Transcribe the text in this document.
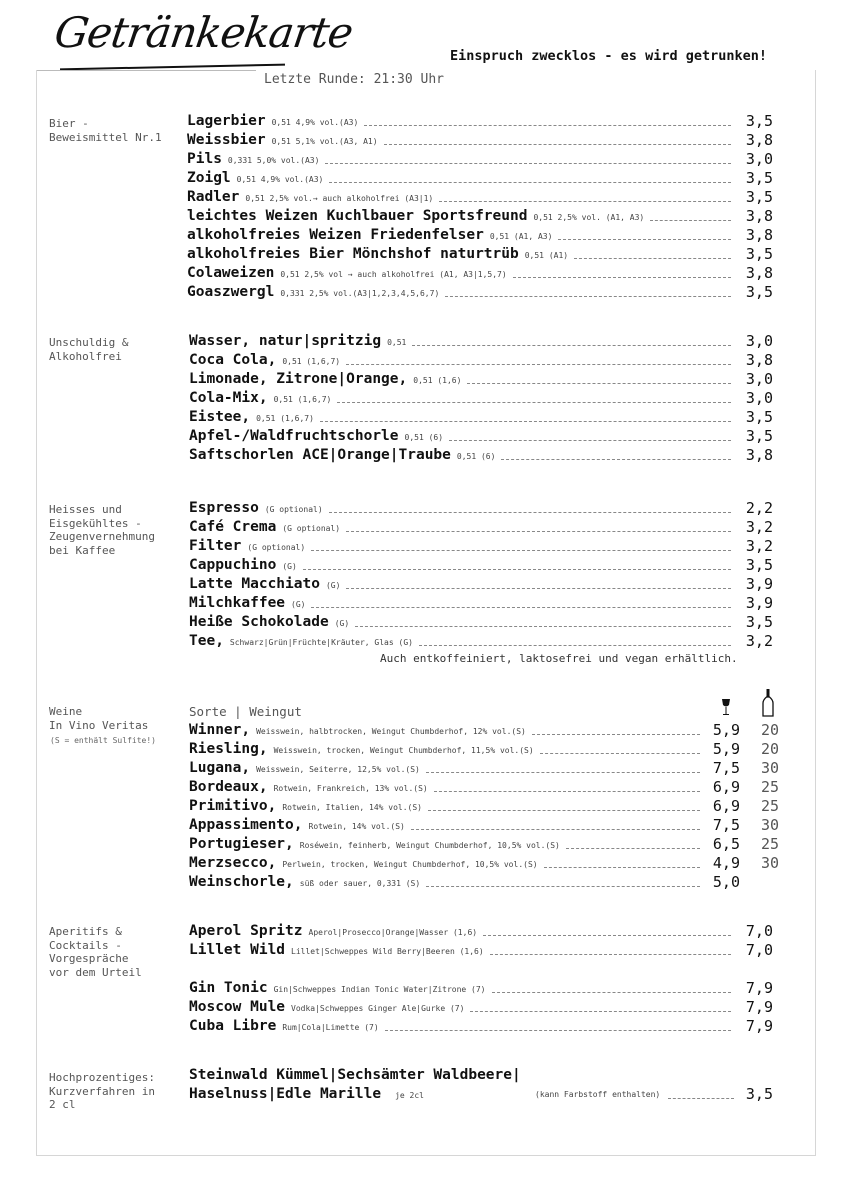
Getränkekarte	Einspruch zwecklos - es wird getrunken!
Letzte Runde: 21:30 Uhr
Bier -
Beweismittel Nr.1
Unschuldig &
Alkoholfrei
Heisses und
Eisgekühltes -
Zeugenvernehmung
bei Kaffee
Weine
In Vino Veritas
(S = enthält Sulfite!)
Aperitifs &
Cocktails -
Vorgespräche
vor dem Urteil
Hochprozentiges:
Kurzverfahren in
2 cl
Lagerbier 0,51 4,9% vol.(A3)	3,5
Weissbier 0,51 5,1% vol.(A3, A1)	3,8
Pils 0,331 5,0% vol.(A3)	3,0
Zoigl 0,51 4,9% vol.(A3)	3,5
Radler 0,51 2,5% vol.→ auch alkoholfrei (A3|1)	3,5
leichtes Weizen Kuchlbauer Sportsfreund 0,51 2,5% vol. (A1, A3)	3,8
alkoholfreies Weizen Friedenfelser 0,51 (A1, A3)	3,8
alkoholfreies Bier Mönchshof naturtrüb 0,51 (A1)	3,5
Colaweizen 0,51 2,5% vol → auch alkoholfrei (A1, A3|1,5,7)	3,8
Goaszwergl 0,331 2,5% vol.(A3|1,2,3,4,5,6,7)	3,5
Wasser, natur|spritzig 0,51	3,0
Coca Cola, 0,51 (1,6,7)	3,8
Limonade, Zitrone|Orange, 0,51 (1,6)	3,0
Cola-Mix, 0,51 (1,6,7)	3,0
Eistee, 0,51 (1,6,7)	3,5
Apfel-/Waldfruchtschorle 0,51 (6)	3,5
Saftschorlen ACE|Orange|Traube 0,51 (6)	3,8
Espresso (G optional)	2,2
Café Crema (G optional)	3,2
Filter (G optional)	3,2
Cappuchino (G)	3,5
Latte Macchiato (G)	3,9
Milchkaffee (G)	3,9
Heiße Schokolade (G)	3,5
Tee, Schwarz|Grün|Früchte|Kräuter, Glas (G)	3,2
Winner, Weisswein, halbtrocken, Weingut Chumbderhof, 12% vol.(S)	5,9	20
Riesling, Weisswein, trocken, Weingut Chumbderhof, 11,5% vol.(S)	5,9	20
Lugana, Weisswein, Seiterre, 12,5% vol.(S)	7,5	30
Bordeaux, Rotwein, Frankreich, 13% vol.(S)	6,9	25
Primitivo, Rotwein, Italien, 14% vol.(S)	6,9	25
Appassimento, Rotwein, 14% vol.(S)	7,5	30
Portugieser, Roséwein, feinherb, Weingut Chumbderhof, 10,5% vol.(S)	6,5	25
Merzsecco, Perlwein, trocken, Weingut Chumbderhof, 10,5% vol.(S)	4,9	30
Weinschorle, süß oder sauer, 0,331 (S)	5,0
Aperol Spritz Aperol|Prosecco|Orange|Wasser (1,6)	7,0
Lillet Wild Lillet|Schweppes Wild Berry|Beeren (1,6)	7,0
Gin Tonic Gin|Schweppes Indian Tonic Water|Zitrone (7)	7,9
Moscow Mule Vodka|Schweppes Ginger Ale|Gurke (7)	7,9
Cuba Libre Rum|Cola|Limette (7)	7,9
Auch entkoffeiniert, laktosefrei und vegan erhältlich.
Sorte | Weingut
Steinwald Kümmel|Sechsämter Waldbeere|
Haselnuss|Edle Marille je 2cl	(kann Farbstoff enthalten)	3,5
